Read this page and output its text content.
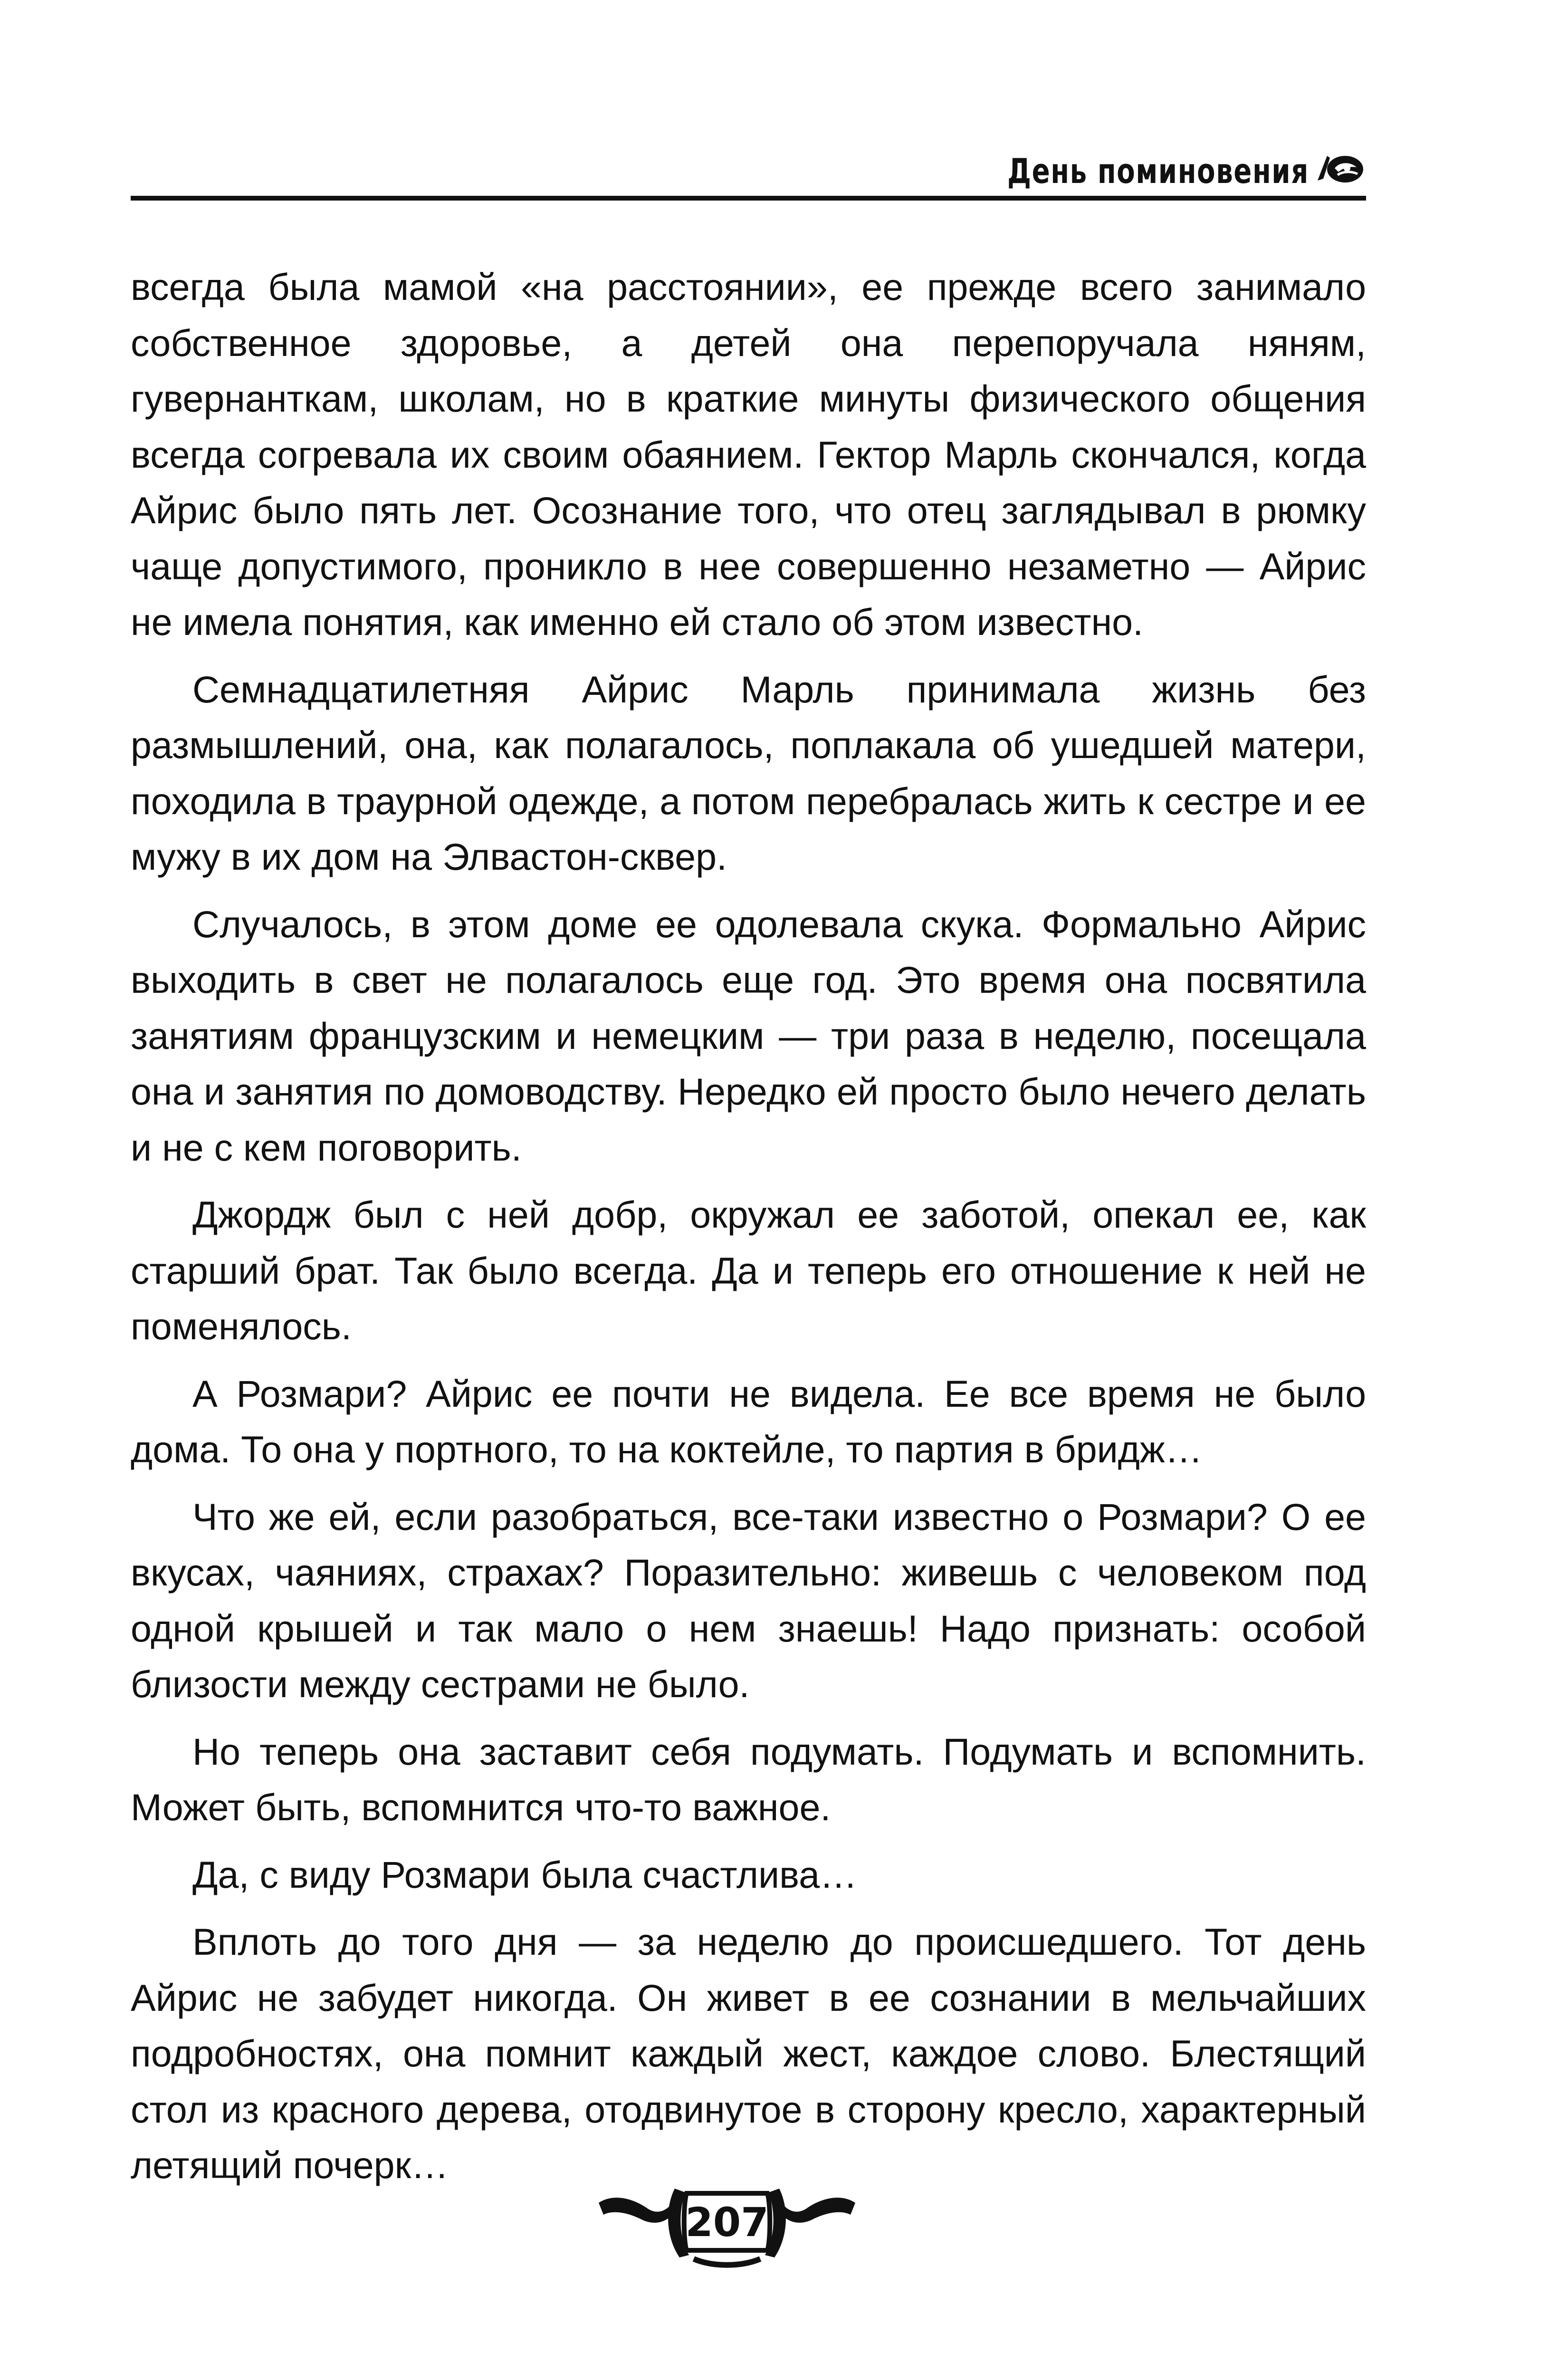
День поминовения

всегда была мамой «на расстоянии», ее прежде всего занимало собственное здоровье, а детей она перепоручала няням, гувернанткам, школам, но в краткие минуты физического общения всегда согревала их своим обаянием. Гектор Марль скончался, когда Айрис было пять лет. Осознание того, что отец заглядывал в рюмку чаще допустимого, проникло в нее совершенно незаметно — Айрис не имела понятия, как именно ей стало об этом известно.

Семнадцатилетняя Айрис Марль принимала жизнь без размышлений, она, как полагалось, поплакала об ушедшей матери, походила в траурной одежде, а потом перебралась жить к сестре и ее мужу в их дом на Элвастон-сквер.

Случалось, в этом доме ее одолевала скука. Формально Айрис выходить в свет не полагалось еще год. Это время она посвятила занятиям французским и немецким — три раза в неделю, посещала она и занятия по домоводству. Нередко ей просто было нечего делать и не с кем поговорить.

Джордж был с ней добр, окружал ее заботой, опекал ее, как старший брат. Так было всегда. Да и теперь его отношение к ней не поменялось.

А Розмари? Айрис ее почти не видела. Ее все время не было дома. То она у портного, то на коктейле, то партия в бридж…

Что же ей, если разобраться, все-таки известно о Розмари? О ее вкусах, чаяниях, страхах? Поразительно: живешь с человеком под одной крышей и так мало о нем знаешь! Надо признать: особой близости между сестрами не было.

Но теперь она заставит себя подумать. Подумать и вспомнить. Может быть, вспомнится что-то важное.

Да, с виду Розмари была счастлива…

Вплоть до того дня — за неделю до происшедшего. Тот день Айрис не забудет никогда. Он живет в ее сознании в мельчайших подробностях, она помнит каждый жест, каждое слово. Блестящий стол из красного дерева, отодвинутое в сторону кресло, характерный летящий почерк…

207
